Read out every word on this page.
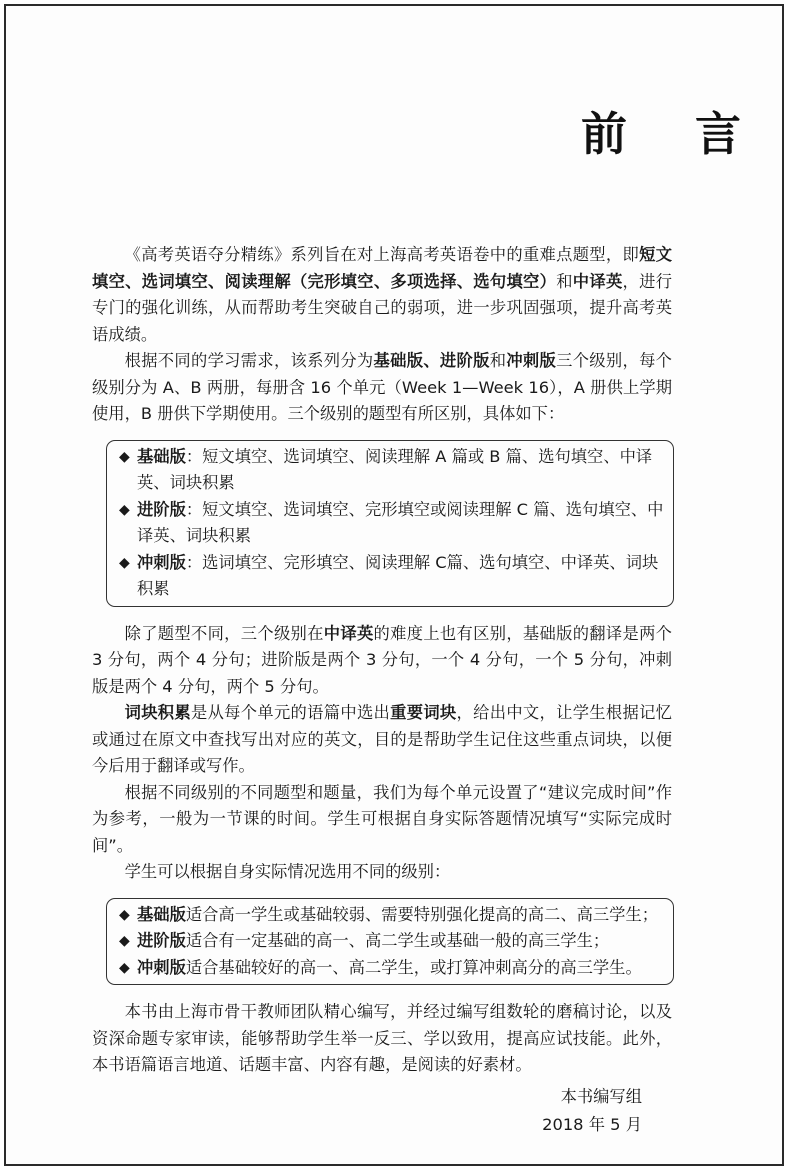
前 言

《高考英语夺分精练》系列旨在对上海高考英语卷中的重难点题型，即短文填空、选词填空、阅读理解（完形填空、多项选择、选句填空）和中译英，进行专门的强化训练，从而帮助考生突破自己的弱项，进一步巩固强项，提升高考英语成绩。

根据不同的学习需求，该系列分为基础版、进阶版和冲刺版三个级别，每个级别分为 A、B 两册，每册含 16 个单元（Week 1—Week 16），A 册供上学期使用，B 册供下学期使用。三个级别的题型有所区别，具体如下：

◆ 基础版：短文填空、选词填空、阅读理解 A 篇或 B 篇、选句填空、中译英、词块积累
◆ 进阶版：短文填空、选词填空、完形填空或阅读理解 C 篇、选句填空、中译英、词块积累
◆ 冲刺版：选词填空、完形填空、阅读理解 C篇、选句填空、中译英、词块积累

除了题型不同，三个级别在中译英的难度上也有区别，基础版的翻译是两个 3 分句，两个 4 分句；进阶版是两个 3 分句，一个 4 分句，一个 5 分句，冲刺版是两个 4 分句，两个 5 分句。

词块积累是从每个单元的语篇中选出重要词块，给出中文，让学生根据记忆或通过在原文中查找写出对应的英文，目的是帮助学生记住这些重点词块，以便今后用于翻译或写作。

根据不同级别的不同题型和题量，我们为每个单元设置了“建议完成时间”作为参考，一般为一节课的时间。学生可根据自身实际答题情况填写“实际完成时间”。

学生可以根据自身实际情况选用不同的级别：

◆ 基础版适合高一学生或基础较弱、需要特别强化提高的高二、高三学生；
◆ 进阶版适合有一定基础的高一、高二学生或基础一般的高三学生；
◆ 冲刺版适合基础较好的高一、高二学生，或打算冲刺高分的高三学生。

本书由上海市骨干教师团队精心编写，并经过编写组数轮的磨稿讨论，以及资深命题专家审读，能够帮助学生举一反三、学以致用，提高应试技能。此外，本书语篇语言地道、话题丰富、内容有趣，是阅读的好素材。

本书编写组
2018 年 5 月
